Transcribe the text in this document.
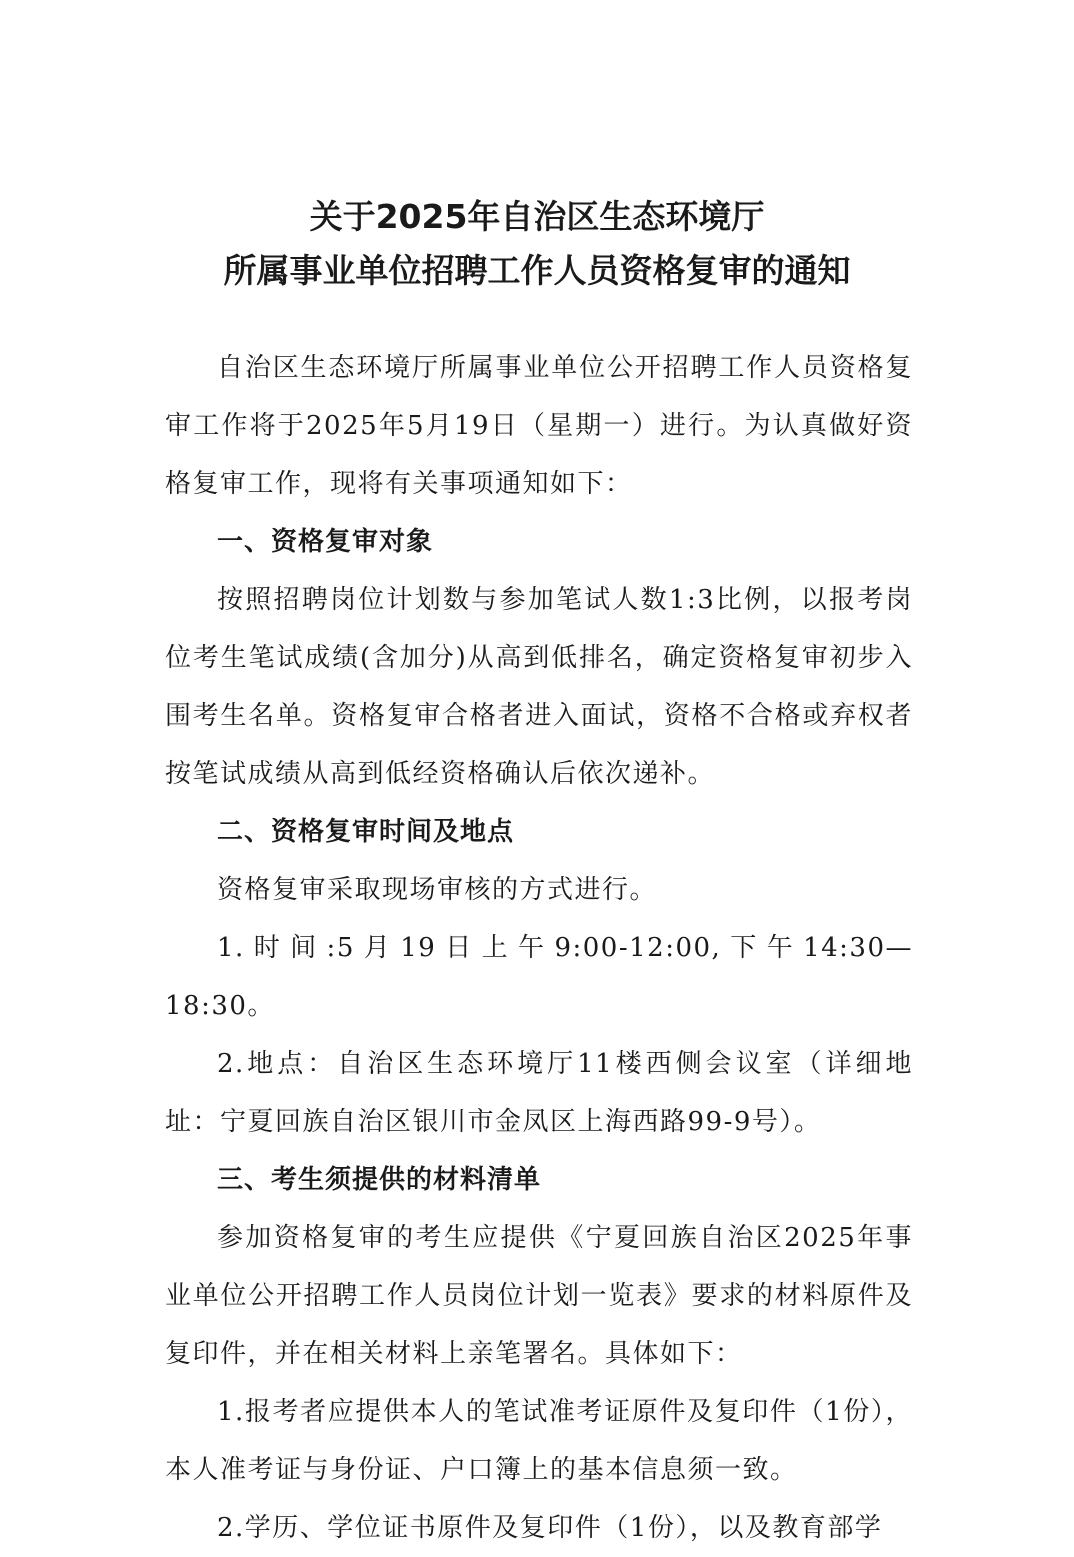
关于2025年自治区生态环境厅
所属事业单位招聘工作人员资格复审的通知

自治区生态环境厅所属事业单位公开招聘工作人员资格复审工作将于2025年5月19日（星期一）进行。为认真做好资格复审工作，现将有关事项通知如下：

一、资格复审对象

按照招聘岗位计划数与参加笔试人数1:3比例，以报考岗位考生笔试成绩(含加分)从高到低排名，确定资格复审初步入围考生名单。资格复审合格者进入面试，资格不合格或弃权者按笔试成绩从高到低经资格确认后依次递补。

二、资格复审时间及地点

资格复审采取现场审核的方式进行。

1.时间:5月19日上午9:00-12:00,下午14:30—18:30。

2.地点：自治区生态环境厅11楼西侧会议室（详细地址：宁夏回族自治区银川市金凤区上海西路99-9号）。

三、考生须提供的材料清单

参加资格复审的考生应提供《宁夏回族自治区2025年事业单位公开招聘工作人员岗位计划一览表》要求的材料原件及复印件，并在相关材料上亲笔署名。具体如下：

1.报考者应提供本人的笔试准考证原件及复印件（1份），本人准考证与身份证、户口簿上的基本信息须一致。

2.学历、学位证书原件及复印件（1份），以及教育部学
